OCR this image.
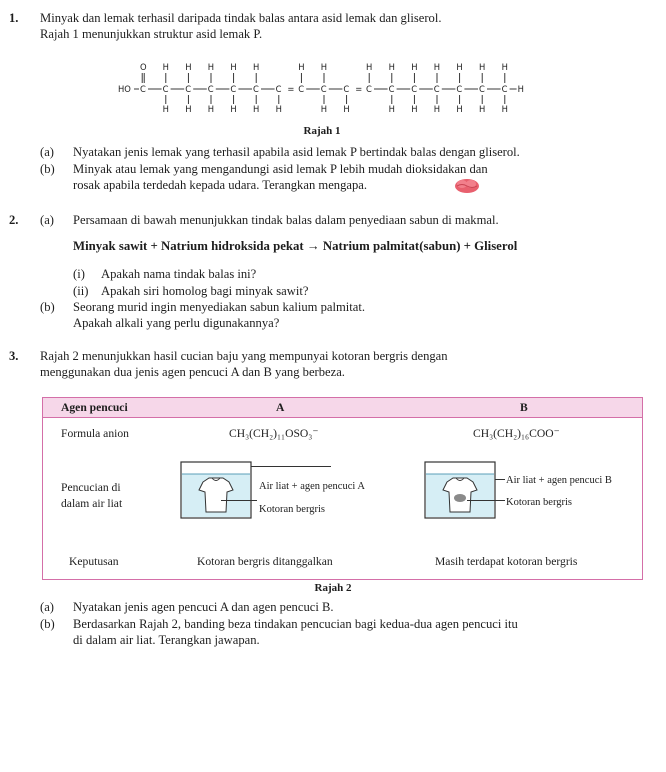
1. Minyak dan lemak terhasil daripada tindak balas antara asid lemak dan gliserol.
Rajah 1 menunjukkan struktur asid lemak P.
HO C
O
C
H
H
C
H
H
C
H
H
C
H
H
C
H
H
C
H
= C
H
C
H
H
C
H
= C
H
C
H
H
C
H
H
C
H
H
C
H
H
C
H
H
C
H
H
H
Rajah 1
(a) Nyatakan jenis lemak yang terhasil apabila asid lemak P bertindak balas dengan gliserol.
(b) Minyak atau lemak yang mengandungi asid lemak P lebih mudah dioksidakan dan
rosak apabila terdedah kepada udara. Terangkan mengapa.
2. (a) Persamaan di bawah menunjukkan tindak balas dalam penyediaan sabun di makmal.
Minyak sawit + Natrium hidroksida pekat → Natrium palmitat(sabun) + Gliserol
(i) Apakah nama tindak balas ini?
(ii) Apakah siri homolog bagi minyak sawit?
(b) Seorang murid ingin menyediakan sabun kalium palmitat.
Apakah alkali yang perlu digunakannya?
3. Rajah 2 menunjukkan hasil cucian baju yang mempunyai kotoran bergris dengan
menggunakan dua jenis agen pencuci A dan B yang berbeza.
Agen pencuci	A	B
Formula anion	CH₃(CH₂)₁₁OSO₃⁻	CH₃(CH₂)₁₆COO⁻
Pencucian di
dalam air liat
Air liat + agen pencuci A
Kotoran bergris
Air liat + agen pencuci B
Kotoran bergris
Keputusan	Kotoran bergris ditanggalkan	Masih terdapat kotoran bergris
Rajah 2
(a) Nyatakan jenis agen pencuci A dan agen pencuci B.
(b) Berdasarkan Rajah 2, banding beza tindakan pencucian bagi kedua-dua agen pencuci itu
di dalam air liat. Terangkan jawapan.
